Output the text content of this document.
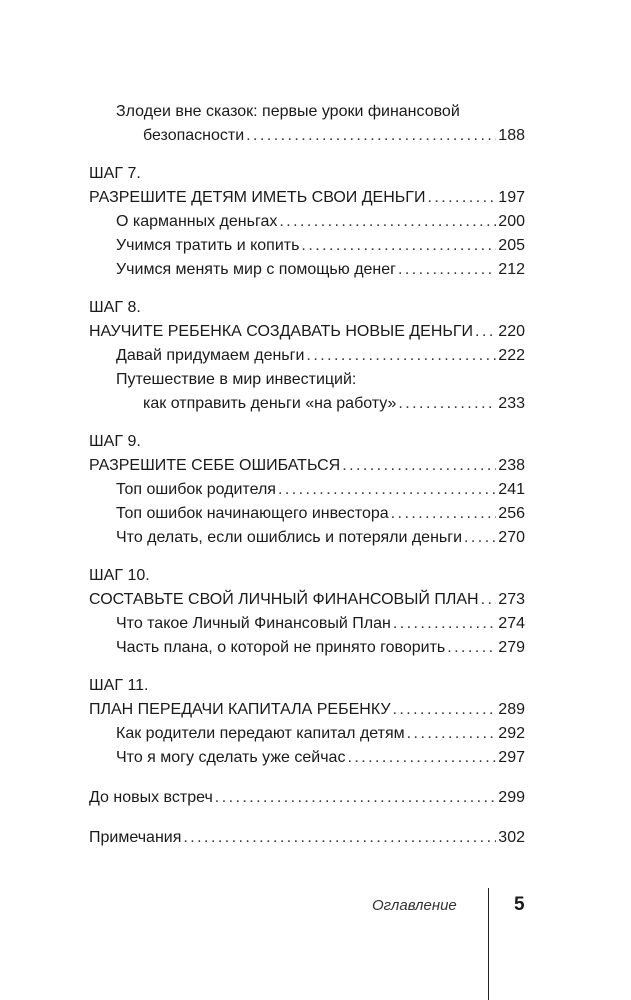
Злодеи вне сказок: первые уроки финансовой
безопасности . . .	188
ШАГ 7.
РАЗРЕШИТЕ ДЕТЯМ ИМЕТЬ СВОИ ДЕНЬГИ . . .	197
О карманных деньгах . . .	200
Учимся тратить и копить . . .	205
Учимся менять мир с помощью денег . . .	212
ШАГ 8.
НАУЧИТЕ РЕБЕНКА СОЗДАВАТЬ НОВЫЕ ДЕНЬГИ . . . 220
Давай придумаем деньги . . .	222
Путешествие в мир инвестиций:
как отправить деньги «на работу» . . .	233
ШАГ 9.
РАЗРЕШИТЕ СЕБЕ ОШИБАТЬСЯ . . .	238
Топ ошибок родителя . . .	241
Топ ошибок начинающего инвестора . . .	256
Что делать, если ошиблись и потеряли деньги . . . 270
ШАГ 10.
СОСТАВЬТЕ СВОЙ ЛИЧНЫЙ ФИНАНСОВЫЙ ПЛАН . . . 273
Что такое Личный Финансовый План . . .	274
Часть плана, о которой не принято говорить . . .	279
ШАГ 11.
ПЛАН ПЕРЕДАЧИ КАПИТАЛА РЕБЕНКУ . . .	289
Как родители передают капитал детям . . .	292
Что я могу сделать уже сейчас . . .	297
До новых встреч . . .	299
Примечания . . .	302
Оглавление	5
